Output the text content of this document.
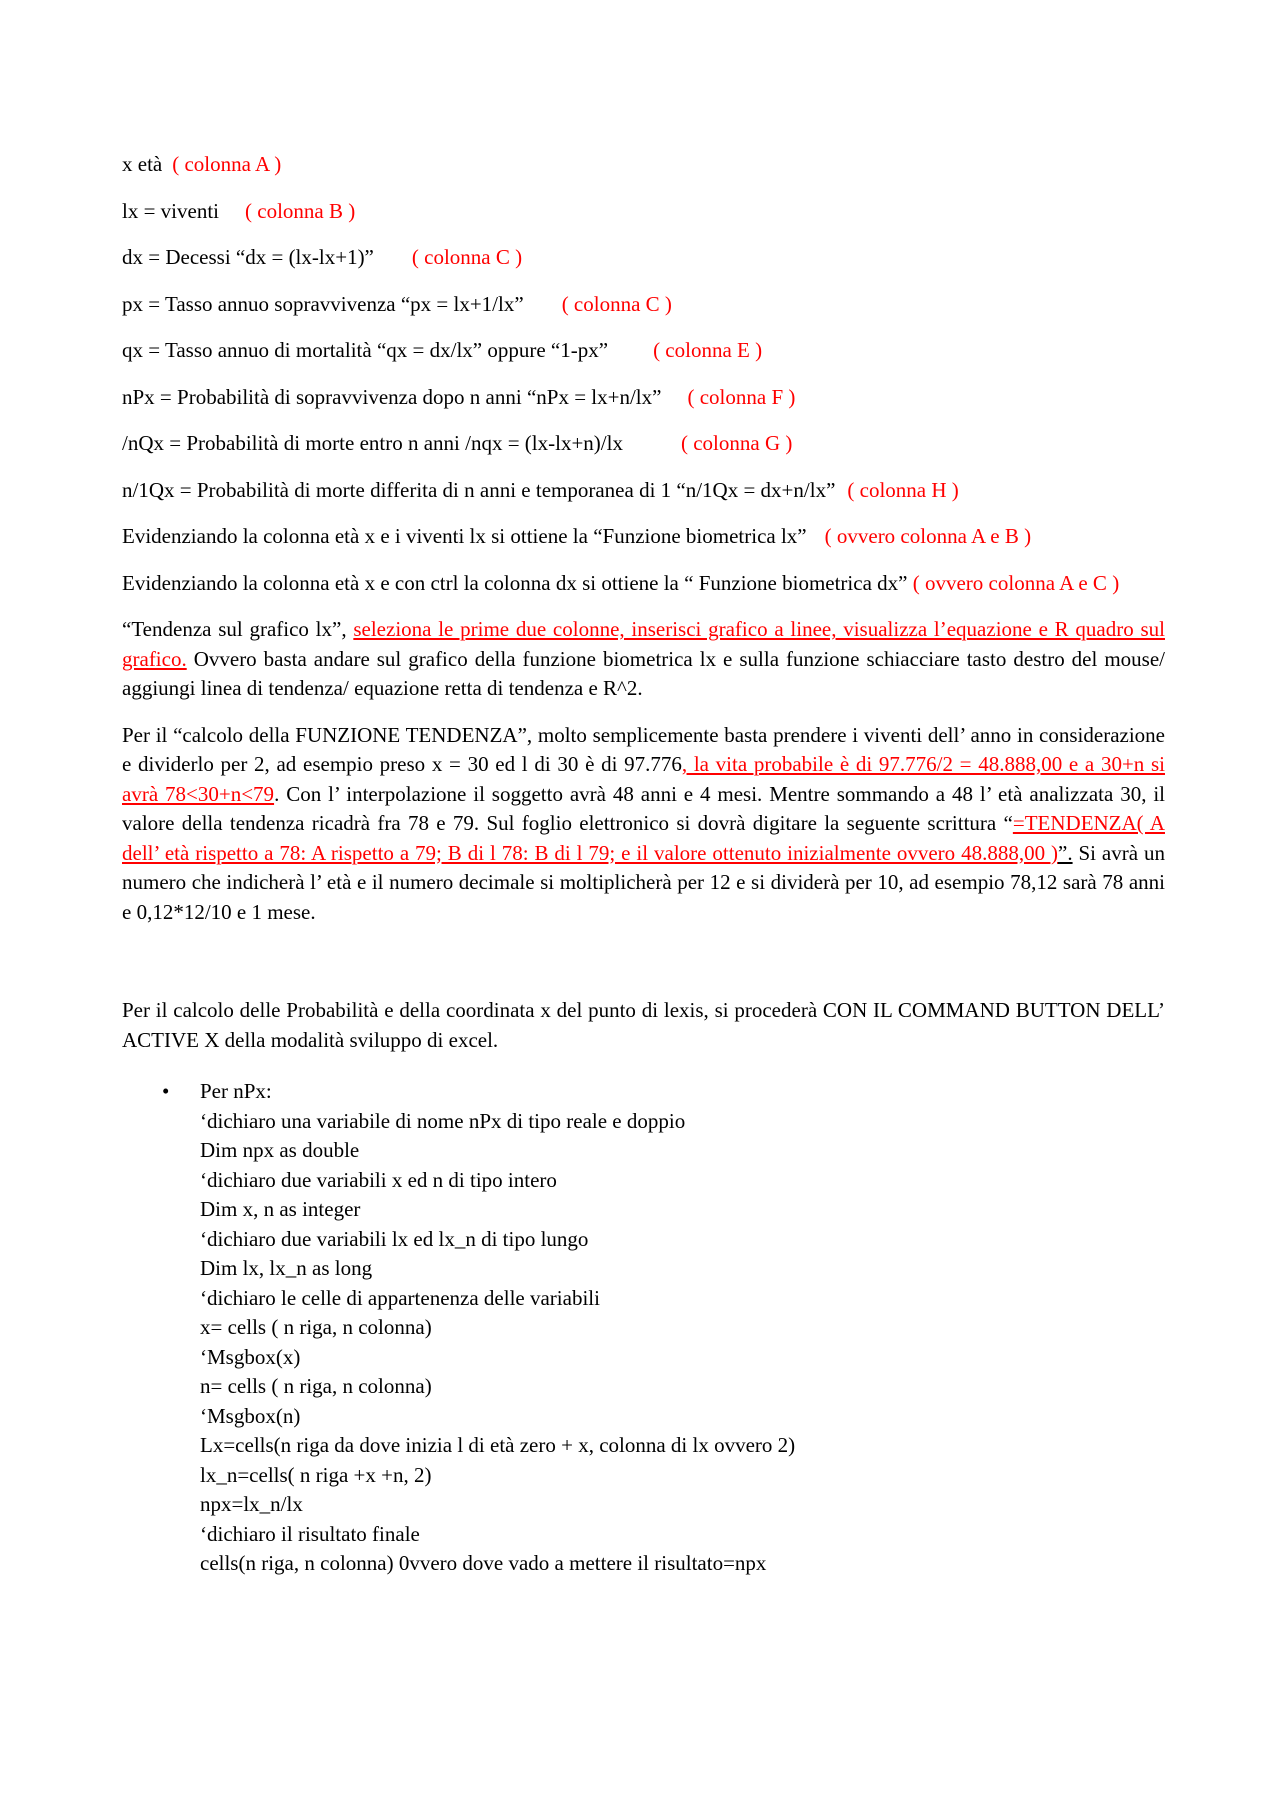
x età ( colonna A )
lx = viventi ( colonna B )
dx = Decessi “dx = (lx-lx+1)” ( colonna C )
px = Tasso annuo sopravvivenza “px = lx+1/lx” ( colonna C )
qx = Tasso annuo di mortalità “qx = dx/lx” oppure “1-px” ( colonna E )
nPx = Probabilità di sopravvivenza dopo n anni “nPx = lx+n/lx” ( colonna F )
/nQx = Probabilità di morte entro n anni /nqx = (lx-lx+n)/lx	( colonna G )
n/1Qx = Probabilità di morte differita di n anni e temporanea di 1 “n/1Qx = dx+n/lx” ( colonna H )
Evidenziando la colonna età x e i viventi lx si ottiene la “Funzione biometrica lx” ( ovvero colonna A e B )
Evidenziando la colonna età x e con ctrl la colonna dx si ottiene la “ Funzione biometrica dx” ( ovvero colonna A e C )
“Tendenza sul grafico lx”, seleziona le prime due colonne, inserisci grafico a linee, visualizza l’equazione e R quadro sul grafico. Ovvero basta andare sul grafico della funzione biometrica lx e sulla funzione schiacciare tasto destro del mouse/ aggiungi linea di tendenza/ equazione retta di tendenza e R^2.
Per il “calcolo della FUNZIONE TENDENZA”, molto semplicemente basta prendere i viventi dell’ anno in considerazione e dividerlo per 2, ad esempio preso x = 30 ed l di 30 è di 97.776, la vita probabile è di 97.776/2 = 48.888,00 e a 30+n si avrà 78<30+n<79. Con l’ interpolazione il soggetto avrà 48 anni e 4 mesi. Mentre sommando a 48 l’ età analizzata 30, il valore della tendenza ricadrà fra 78 e 79. Sul foglio elettronico si dovrà digitare la seguente scrittura “=TENDENZA( A dell’ età rispetto a 78: A rispetto a 79; B di l 78: B di l 79; e il valore ottenuto inizialmente ovvero 48.888,00 )”. Si avrà un numero che indicherà l’ età e il numero decimale si moltiplicherà per 12 e si dividerà per 10, ad esempio 78,12 sarà 78 anni e 0,12*12/10 e 1 mese.
Per il calcolo delle Probabilità e della coordinata x del punto di lexis, si procederà CON IL COMMAND BUTTON DELL’ ACTIVE X della modalità sviluppo di excel.
• Per nPx:
‘dichiaro una variabile di nome nPx di tipo reale e doppio
Dim npx as double
‘dichiaro due variabili x ed n di tipo intero
Dim x, n as integer
‘dichiaro due variabili lx ed lx_n di tipo lungo
Dim lx, lx_n as long
‘dichiaro le celle di appartenenza delle variabili
x= cells ( n riga, n colonna)
‘Msgbox(x)
n= cells ( n riga, n colonna)
‘Msgbox(n)
Lx=cells(n riga da dove inizia l di età zero + x, colonna di lx ovvero 2)
lx_n=cells( n riga +x +n, 2)
npx=lx_n/lx
‘dichiaro il risultato finale
cells(n riga, n colonna) 0vvero dove vado a mettere il risultato=npx
